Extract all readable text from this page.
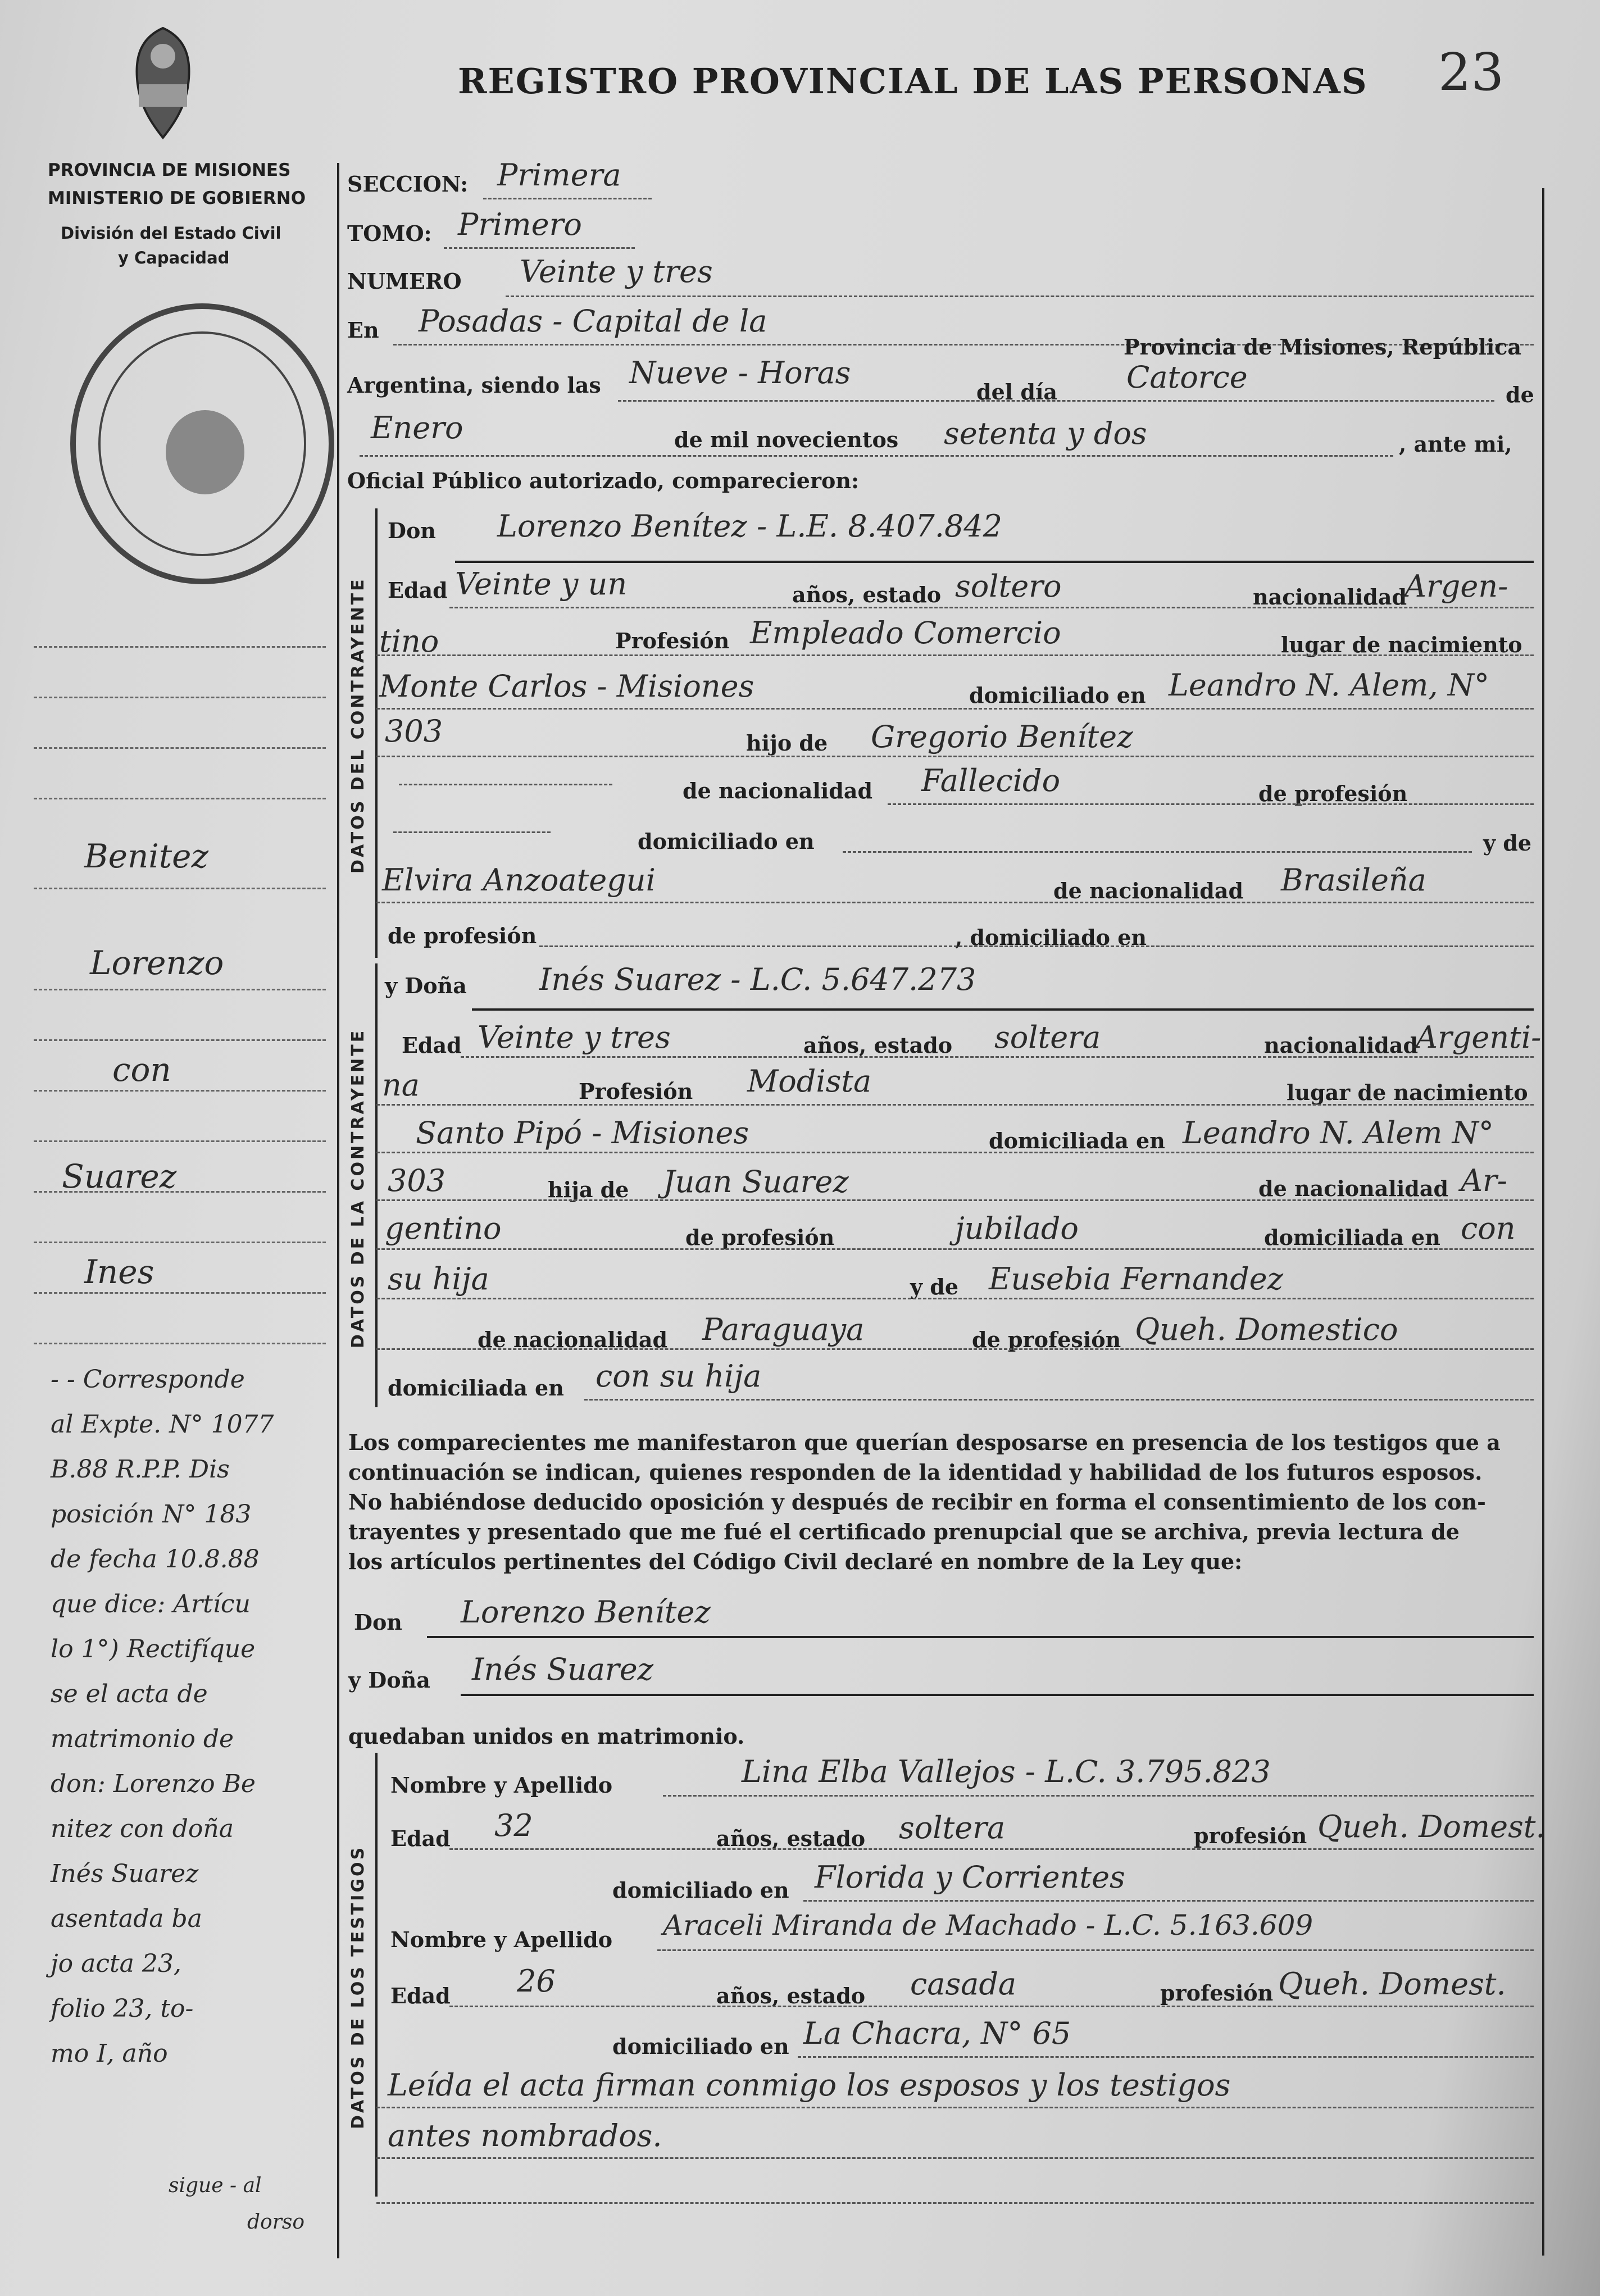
REGISTRO PROVINCIAL DE LAS PERSONAS 23
PROVINCIA DE MISIONES
MINISTERIO DE GOBIERNO
División del Estado Civil
y Capacidad
SECCION: Primera
TOMO: Primero
NUMERO Veinte y tres
En Posadas - Capital de la
Provincia de Misiones, República
Argentina, siendo las Nueve - Horas
del día Catorce	de
Enero	de mil novecientos setenta y dos	, ante mi,
Oficial Público autorizado, comparecieron:
DATOS DEL CONTRAYENTE
Don Lorenzo Benítez - L.E. 8.407.842
Edad Veinte y un	años, estado soltero	nacionalidad
Argen-
tino	Profesión Empleado Comercio	lugar de nacimiento
Monte Carlos - Misiones	domiciliado en Leandro N. Alem, N°
303	hijo de Gregorio Benítez
de nacionalidad Fallecido	de profesión
domiciliado en	y de
Elvira Anzoategui	de nacionalidad Brasileña
de profesión	, domiciliado en
DATOS DE LA CONTRAYENTE
y Doña Inés Suarez - L.C. 5.647.273
Edad Veinte y tres	años, estado soltera	nacionalidad
Argenti-
na	Profesión Modista	lugar de nacimiento
Santo Pipó - Misiones	domiciliada en Leandro N. Alem N°
303	hija de Juan Suarez	de nacionalidad Ar-
gentino	de profesión	jubilado	domiciliada en con
su hija	y de Eusebia Fernandez
de nacionalidad Paraguaya	de profesión Queh. Domestico
domiciliada en con su hija
Los comparecientes me manifestaron que querían desposarse en presencia de los testigos que a
continuación se indican, quienes responden de la identidad y habilidad de los futuros esposos.
No habiéndose deducido oposición y después de recibir en forma el consentimiento de los con-
trayentes y presentado que me fué el certificado prenupcial que se archiva, previa lectura de
los artículos pertinentes del Código Civil declaré en nombre de la Ley que:
Don Lorenzo Benítez
y Doña Inés Suarez
quedaban unidos en matrimonio.
DATOS DE LOS TESTIGOS
Nombre y Apellido	Lina Elba Vallejos - L.C. 3.795.823
Edad 32	años, estado soltera	profesión Queh. Domest.
domiciliado en Florida y Corrientes
Nombre y Apellido Araceli Miranda de Machado - L.C. 5.163.609
Edad 26	años, estado casada	profesión Queh. Domest.
domiciliado en La Chacra, N° 65
Leída el acta firman conmigo los esposos y los testigos
antes nombrados.
Benitez
Lorenzo
con
Suarez
Ines
- - Corresponde
al Expte. N° 1077
B.88 R.P.P. Dis
posición N° 183
de fecha 10.8.88
que dice: Artícu
lo 1°) Rectifíque
se el acta de
matrimonio de
don: Lorenzo Be
nitez con doña
Inés Suarez
asentada ba
jo acta 23,
folio 23, to-
mo I, año
sigue - al
dorso
